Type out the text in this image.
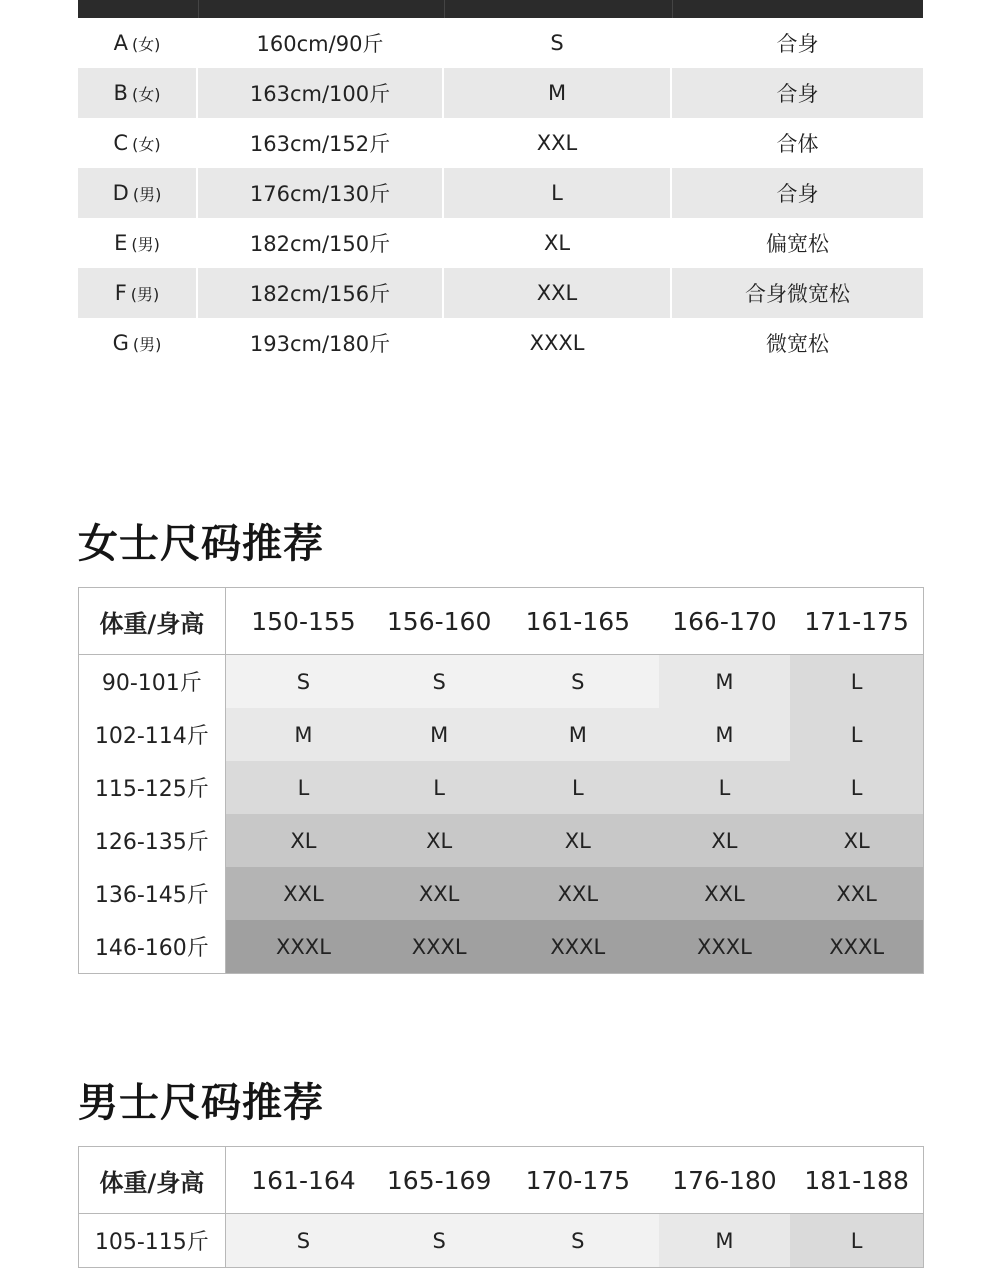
A (女)	160cm/90斤	S	合身
B (女)	163cm/100斤	M	合身
C (女)	163cm/152斤	XXL	合体
D (男)	176cm/130斤	L	合身
E (男)	182cm/150斤	XL	偏宽松
F (男)	182cm/156斤	XXL	合身微宽松
G (男)	193cm/180斤	XXXL	微宽松
女士尺码推荐
体重/身高	150-155	156-160	161-165	166-170	171-175
90-101斤	S	S	S	M	L
102-114斤	M	M	M	M	L
115-125斤	L	L	L	L	L
126-135斤	XL	XL	XL	XL	XL
136-145斤	XXL	XXL	XXL	XXL	XXL
146-160斤	XXXL	XXXL	XXXL	XXXL	XXXL
男士尺码推荐
体重/身高	161-164	165-169	170-175	176-180	181-188
105-115斤	S	S	S	M	L
